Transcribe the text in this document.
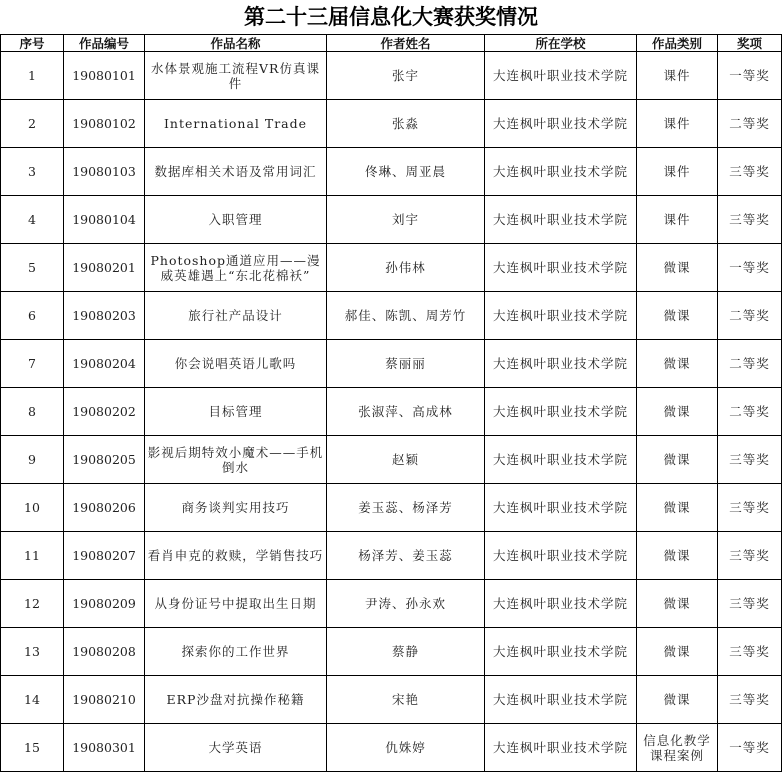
第二十三届信息化大赛获奖情况
序号	作品编号	作品名称	作者姓名	所在学校	作品类别	奖项
1	19080101	水体景观施工流程VR仿真课件	张宇	大连枫叶职业技术学院	课件	一等奖
2	19080102	International Trade	张淼	大连枫叶职业技术学院	课件	二等奖
3	19080103	数据库相关术语及常用词汇	佟琳、周亚晨	大连枫叶职业技术学院	课件	三等奖
4	19080104	入职管理	刘宇	大连枫叶职业技术学院	课件	三等奖
5	19080201	Photoshop通道应用——漫威英雄遇上“东北花棉袄”	孙伟林	大连枫叶职业技术学院	微课	一等奖
6	19080203	旅行社产品设计	郝佳、陈凯、周芳竹	大连枫叶职业技术学院	微课	二等奖
7	19080204	你会说唱英语儿歌吗	蔡丽丽	大连枫叶职业技术学院	微课	二等奖
8	19080202	目标管理	张淑萍、高成林	大连枫叶职业技术学院	微课	二等奖
9	19080205	影视后期特效小魔术——手机倒水	赵颖	大连枫叶职业技术学院	微课	三等奖
10	19080206	商务谈判实用技巧	姜玉蕊、杨泽芳	大连枫叶职业技术学院	微课	三等奖
11	19080207	看肖申克的救赎，学销售技巧	杨泽芳、姜玉蕊	大连枫叶职业技术学院	微课	三等奖
12	19080209	从身份证号中提取出生日期	尹涛、孙永欢	大连枫叶职业技术学院	微课	三等奖
13	19080208	探索你的工作世界	蔡静	大连枫叶职业技术学院	微课	三等奖
14	19080210	ERP沙盘对抗操作秘籍	宋艳	大连枫叶职业技术学院	微课	三等奖
15	19080301	大学英语	仇姝婷	大连枫叶职业技术学院	信息化教学课程案例	一等奖
